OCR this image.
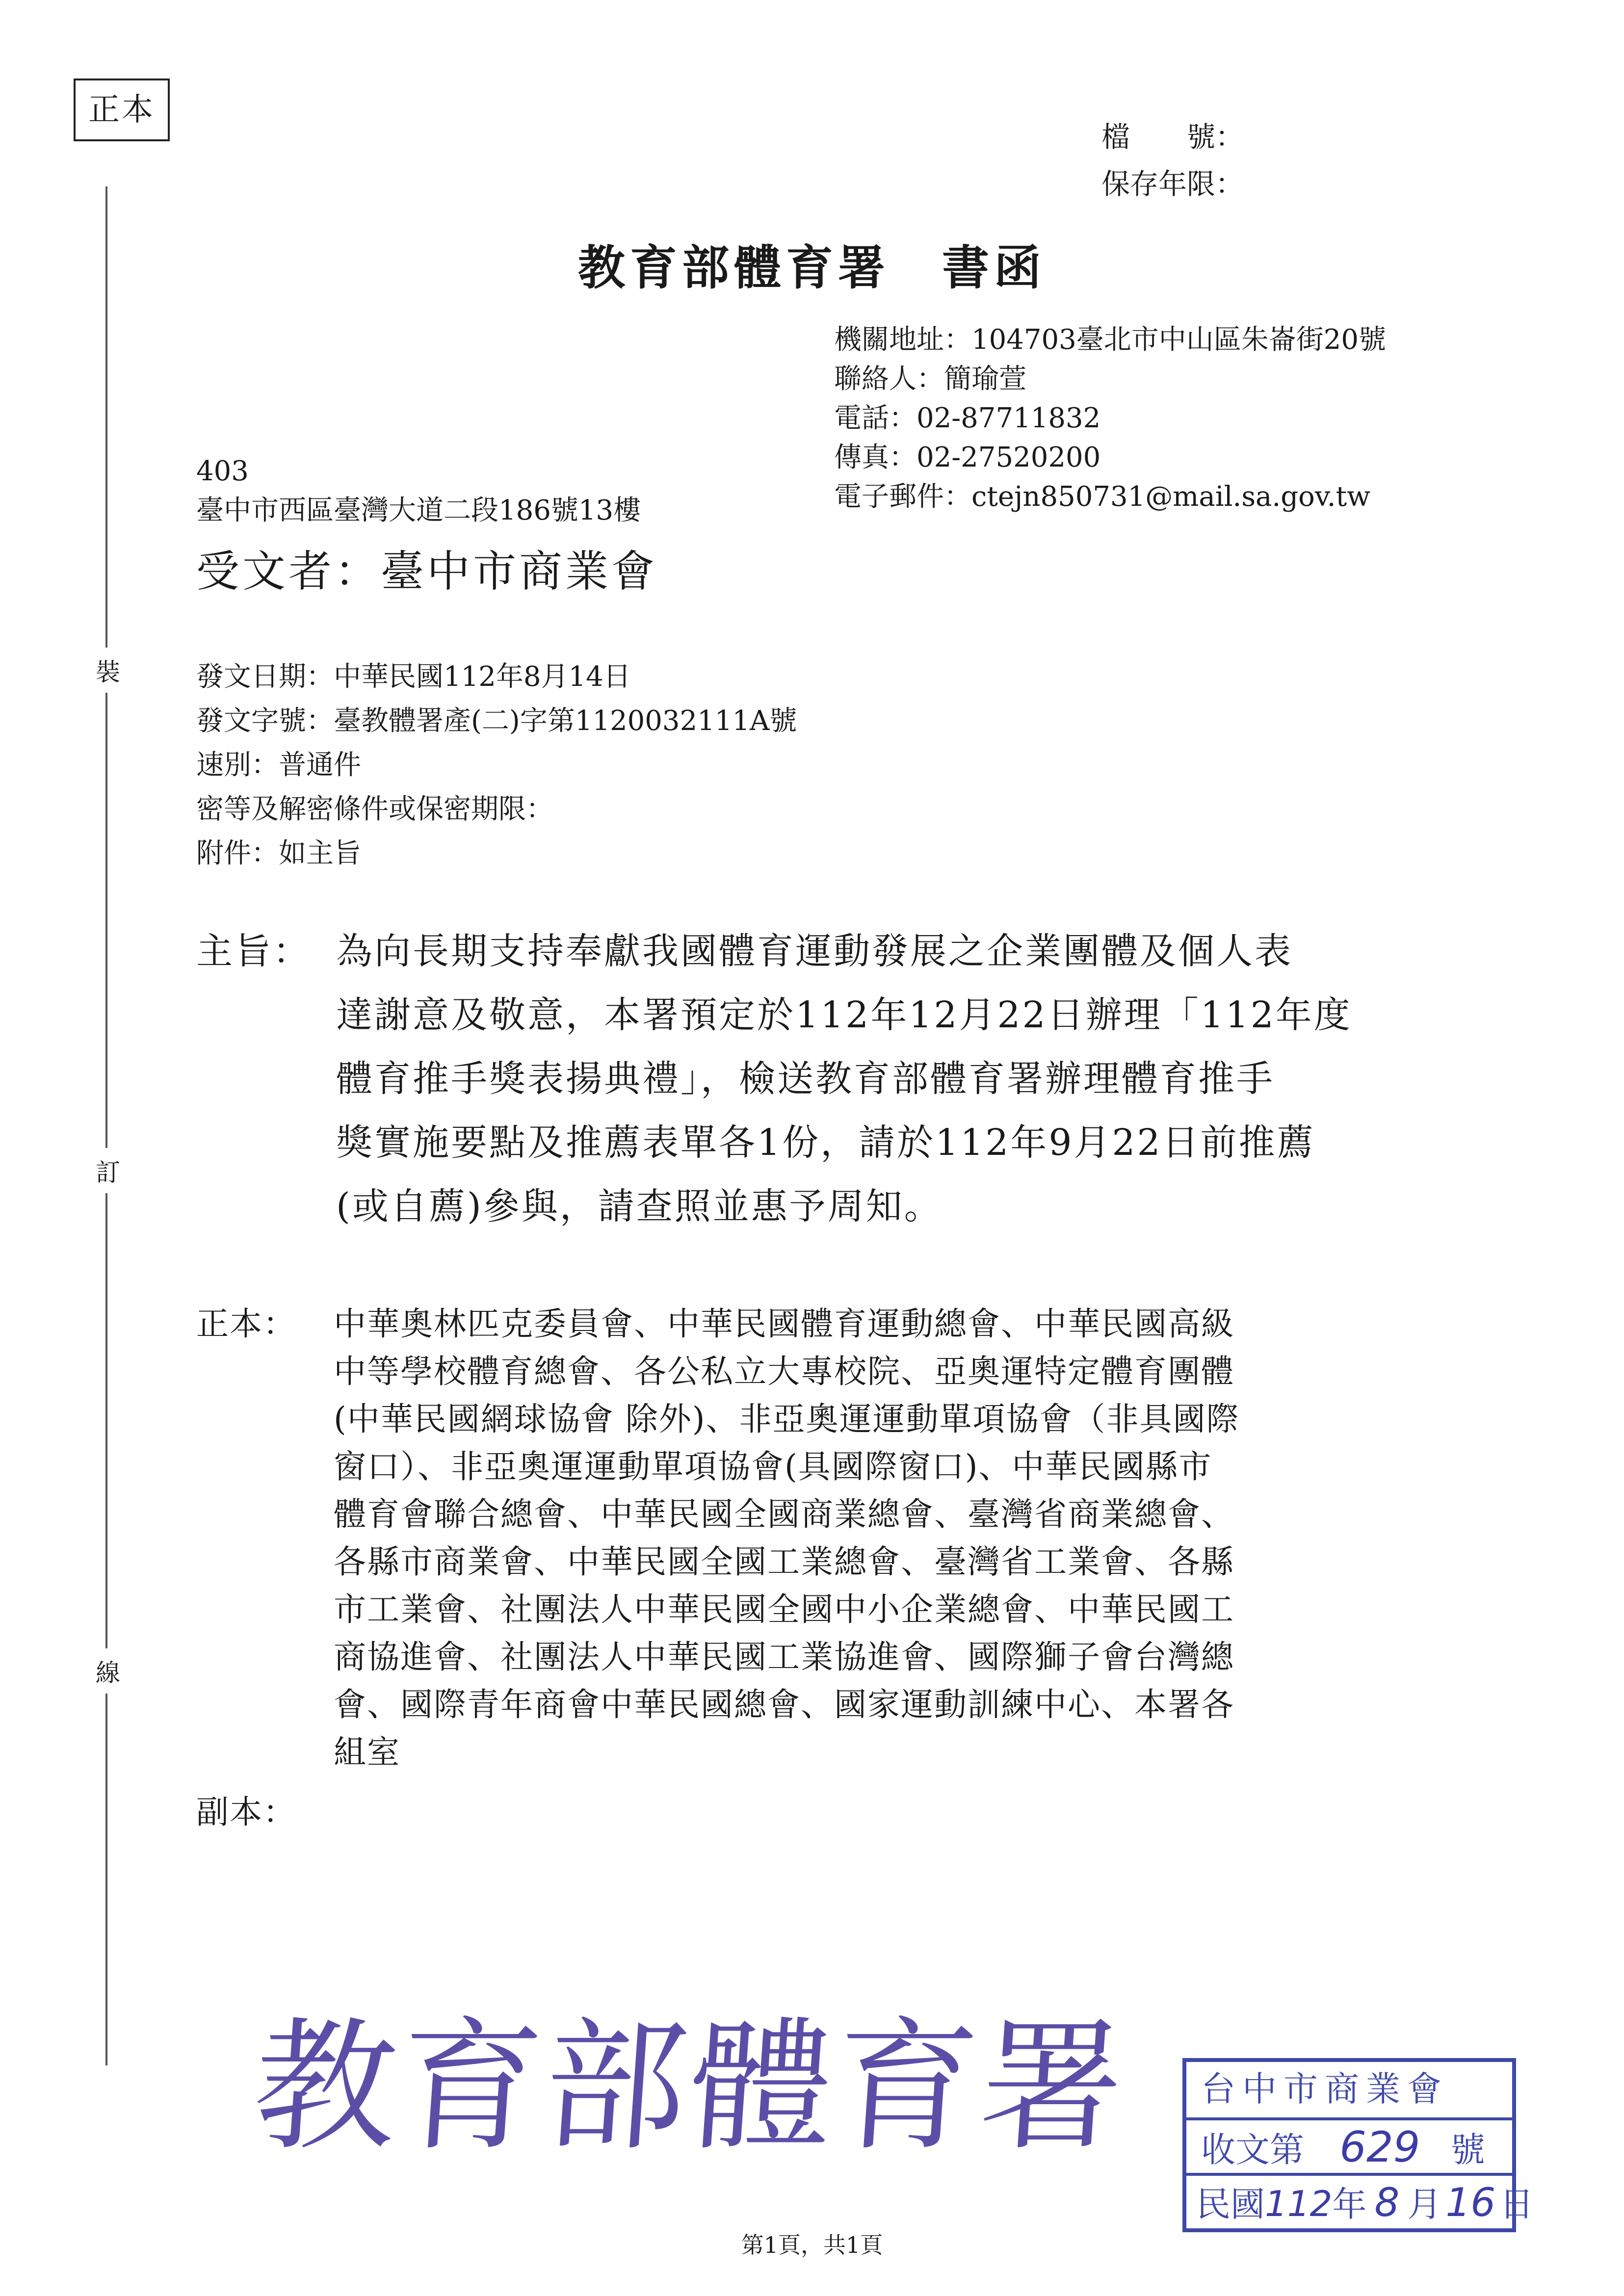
正本
檔　　號：
保存年限：
裝
訂
線
教育部體育署　書函
機關地址：104703臺北市中山區朱崙街20號
聯絡人：簡瑜萱
電話：02-87711832
傳真：02-27520200
電子郵件：ctejn850731@mail.sa.gov.tw
403
臺中市西區臺灣大道二段186號13樓
受文者：臺中市商業會
發文日期：中華民國112年8月14日
發文字號：臺教體署產(二)字第1120032111A號
速別：普通件
密等及解密條件或保密期限：
附件：如主旨
主旨： 為向長期支持奉獻我國體育運動發展之企業團體及個人表
達謝意及敬意，本署預定於112年12月22日辦理「112年度
體育推手獎表揚典禮」，檢送教育部體育署辦理體育推手
獎實施要點及推薦表單各1份，請於112年9月22日前推薦
(或自薦)參與，請查照並惠予周知。
正本： 中華奧林匹克委員會、中華民國體育運動總會、中華民國高級
中等學校體育總會、各公私立大專校院、亞奧運特定體育團體
(中華民國網球協會 除外)、非亞奧運運動單項協會（非具國際
窗口）、非亞奧運運動單項協會(具國際窗口)、中華民國縣市
體育會聯合總會、中華民國全國商業總會、臺灣省商業總會、
各縣市商業會、中華民國全國工業總會、臺灣省工業會、各縣
市工業會、社團法人中華民國全國中小企業總會、中華民國工
商協進會、社團法人中華民國工業協進會、國際獅子會台灣總
會、國際青年商會中華民國總會、國家運動訓練中心、本署各
組室
副本：
教育部體育署	台中市商業會
收文第 629 號
民國112年 8 月 16 日
第1頁，共1頁
